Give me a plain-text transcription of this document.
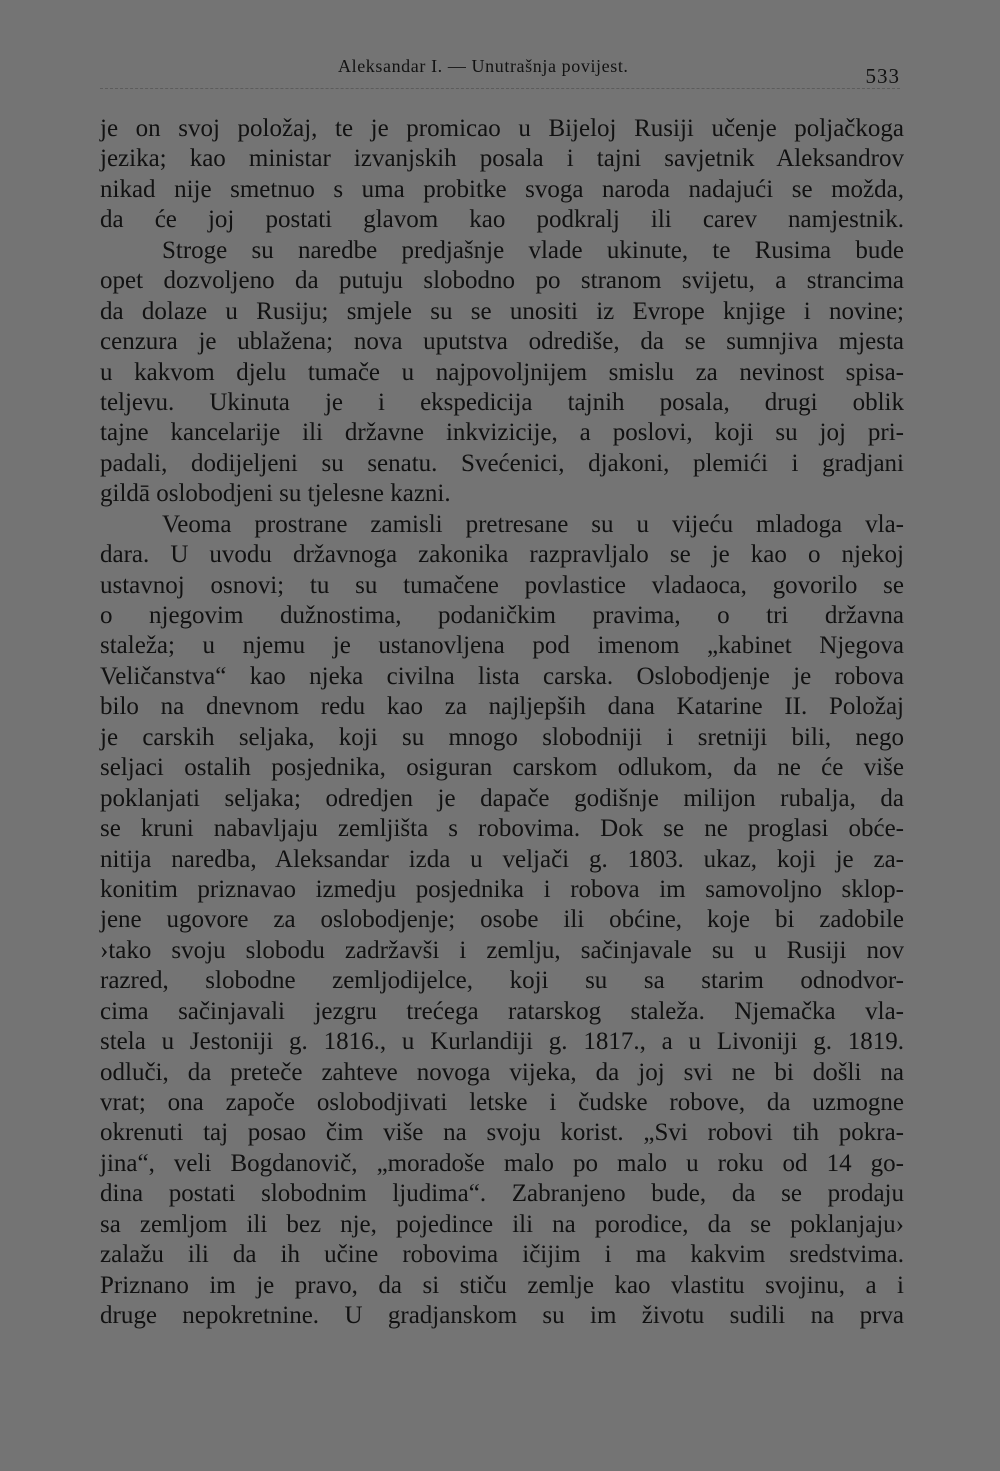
Aleksandar I. — Unutrašnja povijest.	533
je on svoj položaj, te je promicao u Bijeloj Rusiji učenje poljačkoga
jezika; kao ministar izvanjskih posala i tajni savjetnik Aleksandrov
nikad nije smetnuo s uma probitke svoga naroda nadajući se možda,
da će joj postati glavom kao podkralj ili carev namjestnik.
Stroge su naredbe predjašnje vlade ukinute, te Rusima bude
opet dozvoljeno da putuju slobodno po stranom svijetu, a strancima
da dolaze u Rusiju; smjele su se unositi iz Evrope knjige i novine;
cenzura je ublažena; nova uputstva odrediše, da se sumnjiva mjesta
u kakvom djelu tumače u najpovoljnijem smislu za nevinost spisa-
teljevu. Ukinuta je i ekspedicija tajnih posala, drugi oblik
tajne kancelarije ili državne inkvizicije, a poslovi, koji su joj pri-
padali, dodijeljeni su senatu. Svećenici, djakoni, plemići i gradjani
gildā oslobodjeni su tjelesne kazni.
Veoma prostrane zamisli pretresane su u vijeću mladoga vla-
dara. U uvodu državnoga zakonika razpravljalo se je kao o njekoj
ustavnoj osnovi; tu su tumačene povlastice vladaoca, govorilo se
o njegovim dužnostima, podaničkim pravima, o tri državna
staleža; u njemu je ustanovljena pod imenom „kabinet Njegova
Veličanstva“ kao njeka civilna lista carska. Oslobodjenje je robova
bilo na dnevnom redu kao za najljepših dana Katarine II. Položaj
je carskih seljaka, koji su mnogo slobodniji i sretniji bili, nego
seljaci ostalih posjednika, osiguran carskom odlukom, da ne će više
poklanjati seljaka; odredjen je dapače godišnje milijon rubalja, da
se kruni nabavljaju zemljišta s robovima. Dok se ne proglasi obće-
nitija naredba, Aleksandar izda u veljači g. 1803. ukaz, koji je za-
konitim priznavao izmedju posjednika i robova im samovoljno sklop-
jene ugovore za oslobodjenje; osobe ili obćine, koje bi zadobile
›tako svoju slobodu zadržavši i zemlju, sačinjavale su u Rusiji nov
razred, slobodne zemljodijelce, koji su sa starim odnodvor-
cima sačinjavali jezgru trećega ratarskog staleža. Njemačka vla-
stela u Jestoniji g. 1816., u Kurlandiji g. 1817., a u Livoniji g. 1819.
odluči, da preteče zahteve novoga vijeka, da joj svi ne bi došli na
vrat; ona započe oslobodjivati letske i čudske robove, da uzmogne
okrenuti taj posao čim više na svoju korist. „Svi robovi tih pokra-
jina“, veli Bogdanovič, „moradoše malo po malo u roku od 14 go-
dina postati slobodnim ljudima“. Zabranjeno bude, da se prodaju
sa zemljom ili bez nje, pojedince ili na porodice, da se poklanjaju›
zalažu ili da ih učine robovima ičijim i ma kakvim sredstvima.
Priznano im je pravo, da si stiču zemlje kao vlastitu svojinu, a i
druge nepokretnine. U gradjanskom su im životu sudili na prva
